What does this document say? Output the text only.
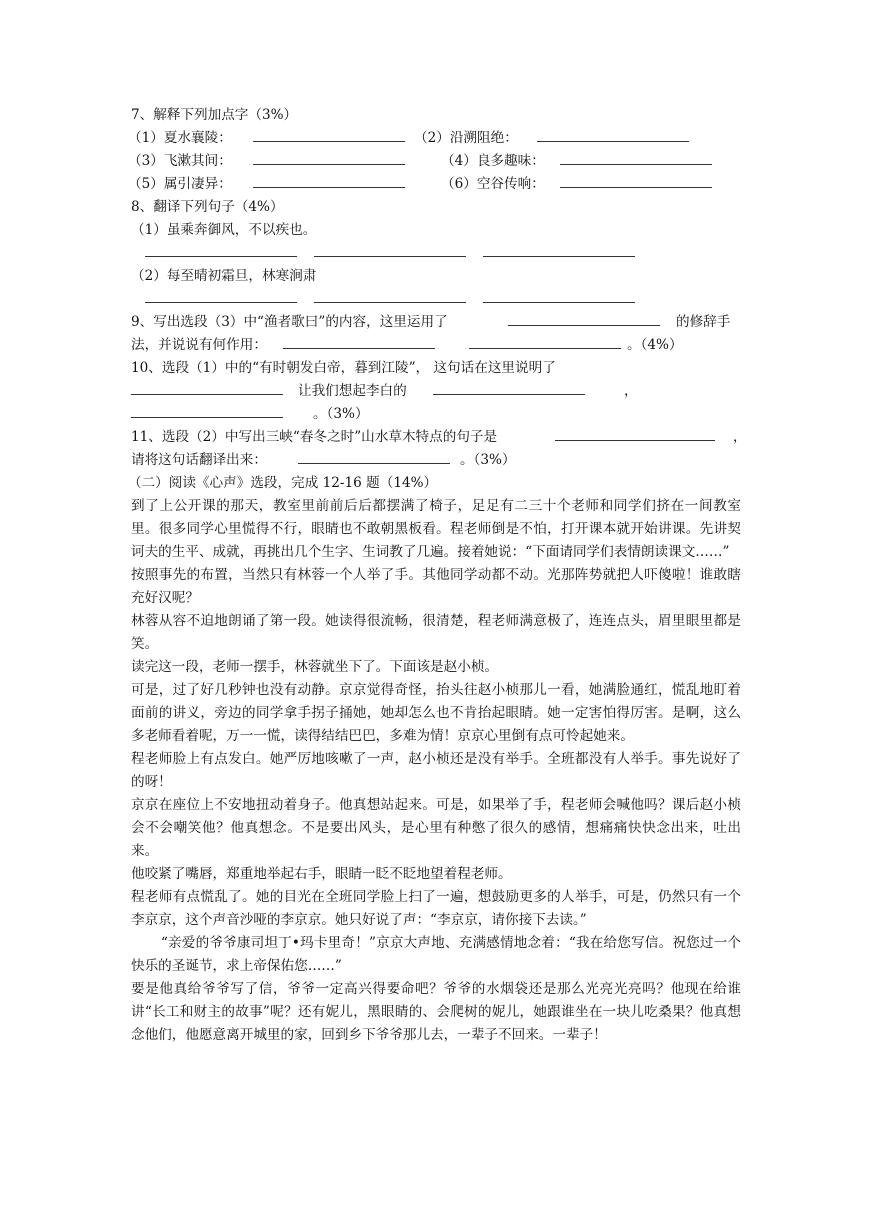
7、解释下列加点字（3%）
（1）夏水襄陵：	（2）沿溯阻绝：
（3）飞漱其间：	（4）良多趣味：
（5）属引凄异：	（6）空谷传响：
8、翻译下列句子（4%）
（1）虽乘奔御风，不以疾也。
（2）每至晴初霜旦，林寒涧肃
9、写出选段（3）中“渔者歌曰”的内容，这里运用了	的修辞手
法，并说说有何作用：	。（4%）
10、选段（1）中的“有时朝发白帝，暮到江陵”， 这句话在这里说明了
让我们想起李白的	，
。（3%）
11、选段（2）中写出三峡“春冬之时”山水草木特点的句子是	，
请将这句话翻译出来：	。（3%）
（二）阅读《心声》选段，完成 12-16 题（14%）

到了上公开课的那天，教室里前前后后都摆满了椅子，足足有二三十个老师和同学们挤在一间教室里。很多同学心里慌得不行，眼睛也不敢朝黑板看。程老师倒是不怕，打开课本就开始讲课。先讲契诃夫的生平、成就，再挑出几个生字、生词教了几遍。接着她说：“下面请同学们表情朗读课文……”

按照事先的布置，当然只有林蓉一个人举了手。其他同学动都不动。光那阵势就把人吓傻啦！谁敢瞎充好汉呢？

林蓉从容不迫地朗诵了第一段。她读得很流畅，很清楚，程老师满意极了，连连点头，眉里眼里都是笑。

读完这一段，老师一摆手，林蓉就坐下了。下面该是赵小桢。

可是，过了好几秒钟也没有动静。京京觉得奇怪，抬头往赵小桢那儿一看，她满脸通红，慌乱地盯着面前的讲义，旁边的同学拿手拐子捅她，她却怎么也不肯抬起眼睛。她一定害怕得厉害。是啊，这么多老师看着呢，万一一慌，读得结结巴巴，多难为情！京京心里倒有点可怜起她来。

程老师脸上有点发白。她严厉地咳嗽了一声，赵小桢还是没有举手。全班都没有人举手。事先说好了的呀！

京京在座位上不安地扭动着身子。他真想站起来。可是，如果举了手，程老师会喊他吗？课后赵小桢会不会嘲笑他？他真想念。不是要出风头，是心里有种憋了很久的感情，想痛痛快快念出来，吐出来。

他咬紧了嘴唇，郑重地举起右手，眼睛一眨不眨地望着程老师。

程老师有点慌乱了。她的目光在全班同学脸上扫了一遍，想鼓励更多的人举手，可是，仍然只有一个李京京，这个声音沙哑的李京京。她只好说了声：“李京京，请你接下去读。”

“亲爱的爷爷康司坦丁•玛卡里奇！”京京大声地、充满感情地念着：“我在给您写信。祝您过一个快乐的圣诞节，求上帝保佑您……”

要是他真给爷爷写了信，爷爷一定高兴得要命吧？爷爷的水烟袋还是那么光亮光亮吗？他现在给谁讲“长工和财主的故事”呢？还有妮儿，黑眼睛的、会爬树的妮儿，她跟谁坐在一块儿吃桑果？他真想念他们，他愿意离开城里的家，回到乡下爷爷那儿去，一辈子不回来。一辈子！
